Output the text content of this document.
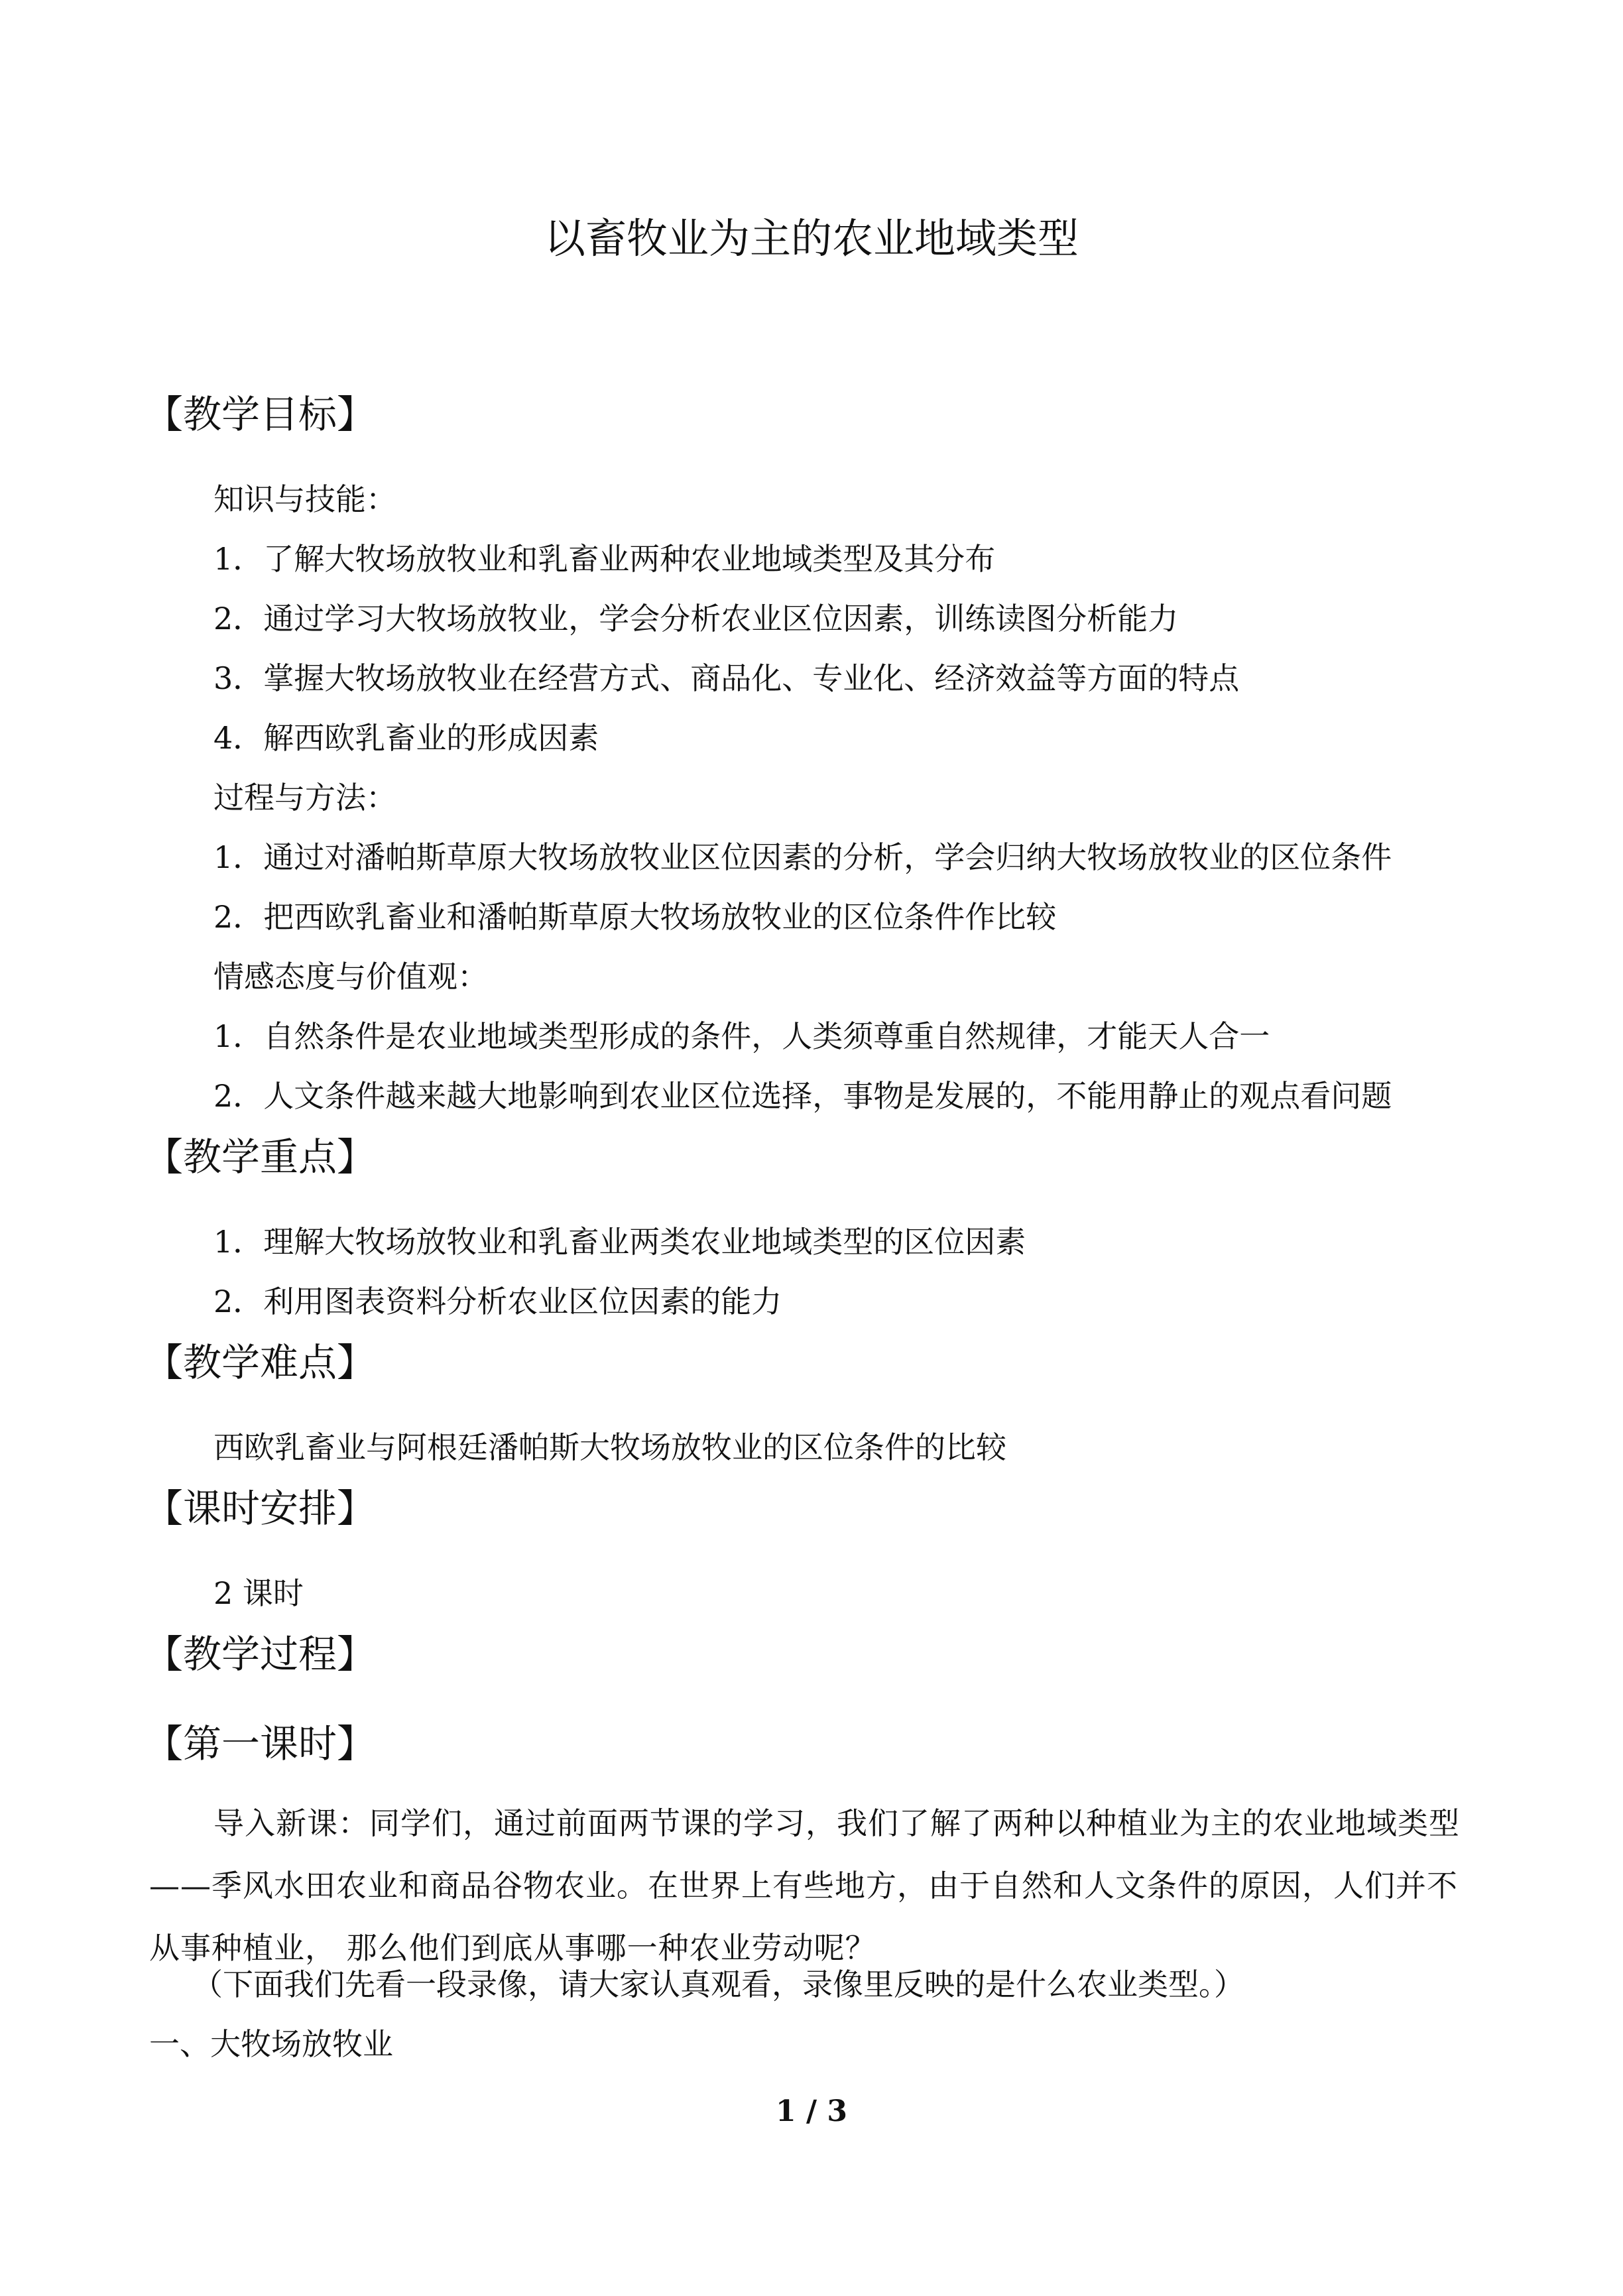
以畜牧业为主的农业地域类型
【教学目标】

知识与技能：

1．了解大牧场放牧业和乳畜业两种农业地域类型及其分布

2．通过学习大牧场放牧业，学会分析农业区位因素，训练读图分析能力

3．掌握大牧场放牧业在经营方式、商品化、专业化、经济效益等方面的特点

4．解西欧乳畜业的形成因素

过程与方法：

1．通过对潘帕斯草原大牧场放牧业区位因素的分析，学会归纳大牧场放牧业的区位条件

2．把西欧乳畜业和潘帕斯草原大牧场放牧业的区位条件作比较

情感态度与价值观：

1．自然条件是农业地域类型形成的条件，人类须尊重自然规律，才能天人合一

2．人文条件越来越大地影响到农业区位选择，事物是发展的，不能用静止的观点看问题

【教学重点】

1．理解大牧场放牧业和乳畜业两类农业地域类型的区位因素

2．利用图表资料分析农业区位因素的能力

【教学难点】

西欧乳畜业与阿根廷潘帕斯大牧场放牧业的区位条件的比较

【课时安排】

2 课时

【教学过程】
【第一课时】

导入新课：同学们，通过前面两节课的学习，我们了解了两种以种植业为主的农业地域类型——季风水田农业和商品谷物农业。在世界上有些地方，由于自然和人文条件的原因，人们并不从事种植业， 那么他们到底从事哪一种农业劳动呢？

（下面我们先看一段录像，请大家认真观看，录像里反映的是什么农业类型。）

一、大牧场放牧业

1 / 3
